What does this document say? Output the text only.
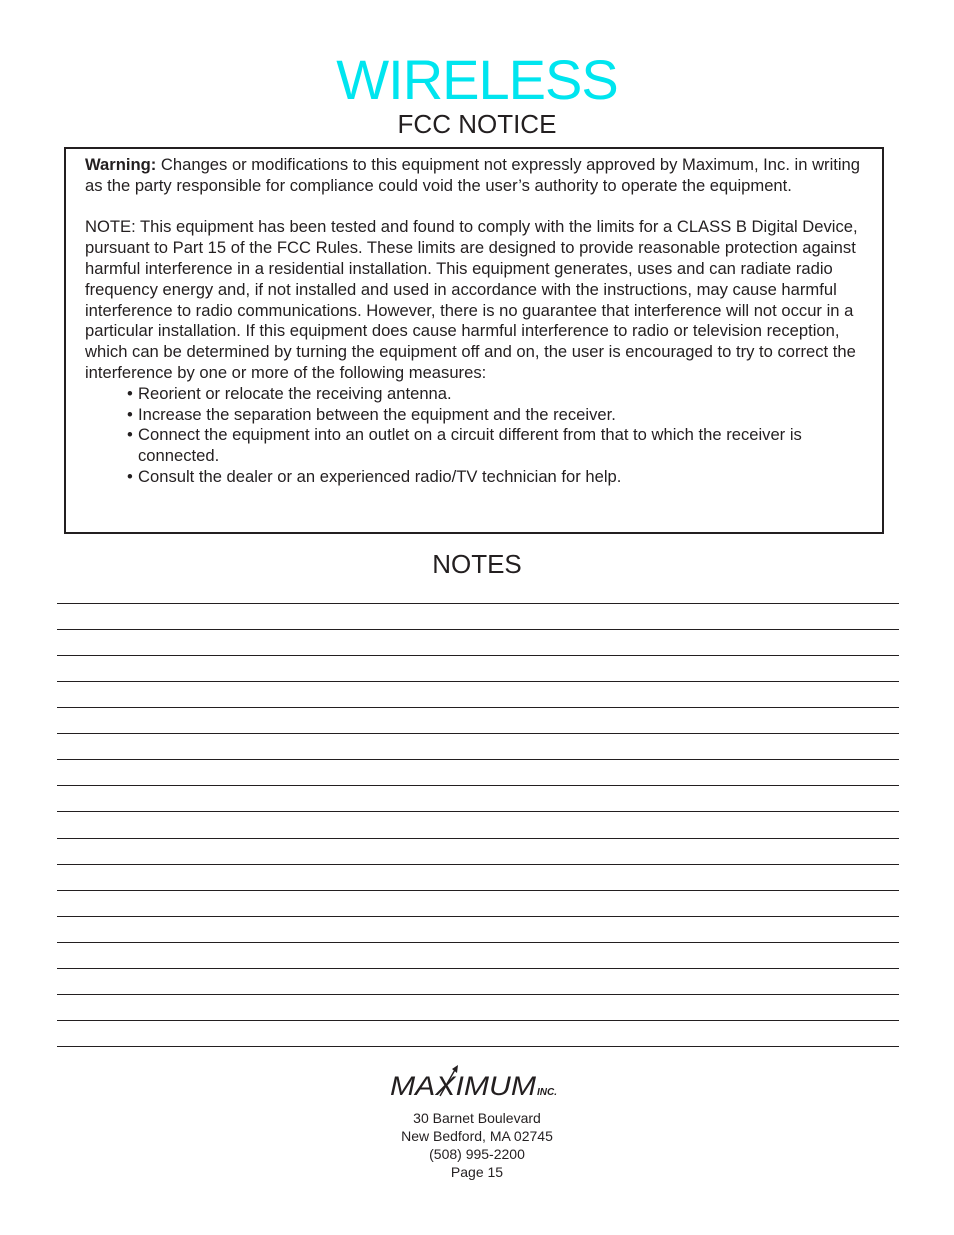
WIRELESS
FCC NOTICE

Warning: Changes or modifications to this equipment not expressly approved by Maximum, Inc. in writing as the party responsible for compliance could void the user’s authority to operate the equipment.

NOTE: This equipment has been tested and found to comply with the limits for a CLASS B Digital Device, pursuant to Part 15 of the FCC Rules. These limits are designed to provide reasonable protection against harmful interference in a residential installation. This equipment generates, uses and can radiate radio frequency energy and, if not installed and used in accordance with the instructions, may cause harmful interference to radio communications. However, there is no guarantee that interference will not occur in a particular installation. If this equipment does cause harmful interference to radio or television reception, which can be determined by turning the equipment off and on, the user is encouraged to try to correct the interference by one or more of the following measures:

• Reorient or relocate the receiving antenna.
• Increase the separation between the equipment and the receiver.
• Connect the equipment into an outlet on a circuit different from that to which the receiver is connected.
• Consult the dealer or an experienced radio/TV technician for help.
NOTES
MAXIMUM INC.
30 Barnet Boulevard
New Bedford, MA 02745
(508) 995-2200
Page 15
